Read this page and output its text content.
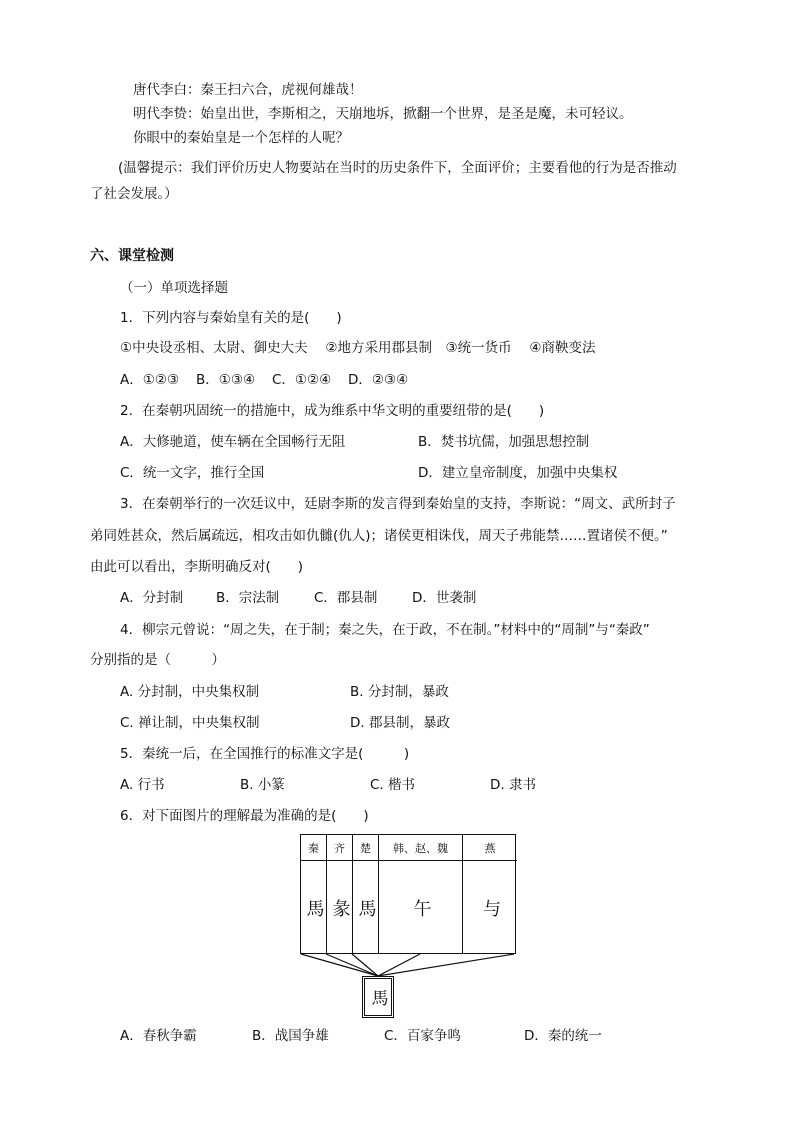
唐代李白：秦王扫六合，虎视何雄哉！
明代李贽：始皇出世，李斯相之，天崩地坼，掀翻一个世界，是圣是魔，未可轻议。
你眼中的秦始皇是一个怎样的人呢？
(温馨提示：我们评价历史人物要站在当时的历史条件下，全面评价；主要看他的行为是否推动
了社会发展。）
六、课堂检测
（一）单项选择题
1．下列内容与秦始皇有关的是(　　)
①中央设丞相、太尉、御史大夫　 ②地方采用郡县制　③统一货币　 ④商鞅变法
A．①②③ B．①③④ C．①②④ D．②③④
2．在秦朝巩固统一的措施中，成为维系中华文明的重要纽带的是(　　)
A．大修驰道，使车辆在全国畅行无阻	B．焚书坑儒，加强思想控制
C．统一文字，推行全国	D．建立皇帝制度，加强中央集权
3．在秦朝举行的一次廷议中，廷尉李斯的发言得到秦始皇的支持，李斯说：“周文、武所封子
弟同姓甚众，然后属疏远，相攻击如仇雠(仇人)；诸侯更相诛伐，周天子弗能禁……置诸侯不便。”
由此可以看出，李斯明确反对(　　)
A．分封制 B．宗法制	C．郡县制	D．世袭制
4．柳宗元曾说：“周之失，在于制；秦之失，在于政，不在制。”材料中的“周制”与“秦政”
分别指的是（　　　）
A. 分封制，中央集权制	B. 分封制，暴政
C. 禅让制，中央集权制	D. 郡县制，暴政
5．秦统一后，在全国推行的标准文字是(　　　)
A. 行书	B. 小篆	C. 楷书	D. 隶书
6．对下面图片的理解最为准确的是(　　)
秦	齐	楚	韩、赵、魏	燕
馬 彖 馬	午	与
馬
A．春秋争霸	B．战国争雄	C．百家争鸣	D．秦的统一
